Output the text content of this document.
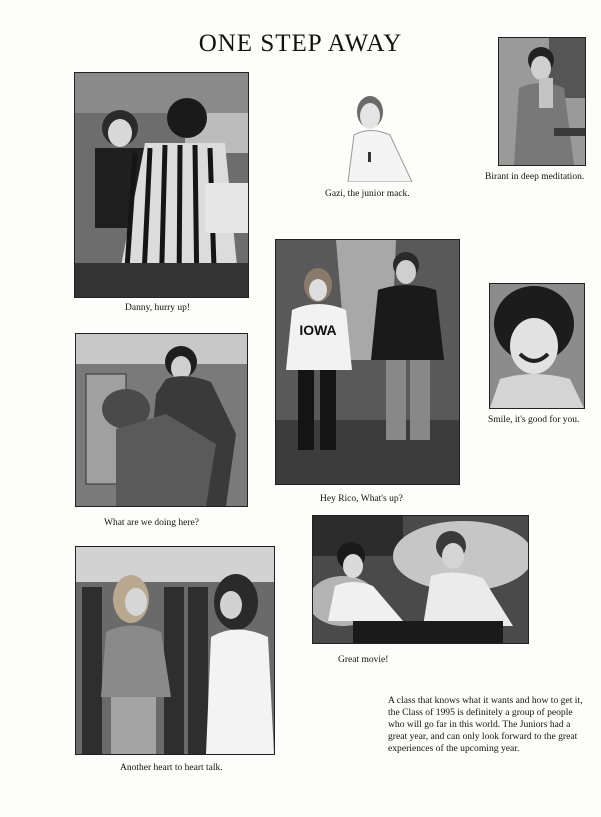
ONE STEP AWAY
Danny, hurry up!
Gazi, the junior mack.
Birant in deep meditation.
IOWA
Hey Rico, What's up?
Smile, it's good for you.
What are we doing here?
Great movie!
Another heart to heart talk.
A class that knows what it wants and how to get it, the Class of 1995 is definitely a group of people who will go far in this world. The Juniors had a great year, and can only look forward to the great experiences of the upcoming year.
